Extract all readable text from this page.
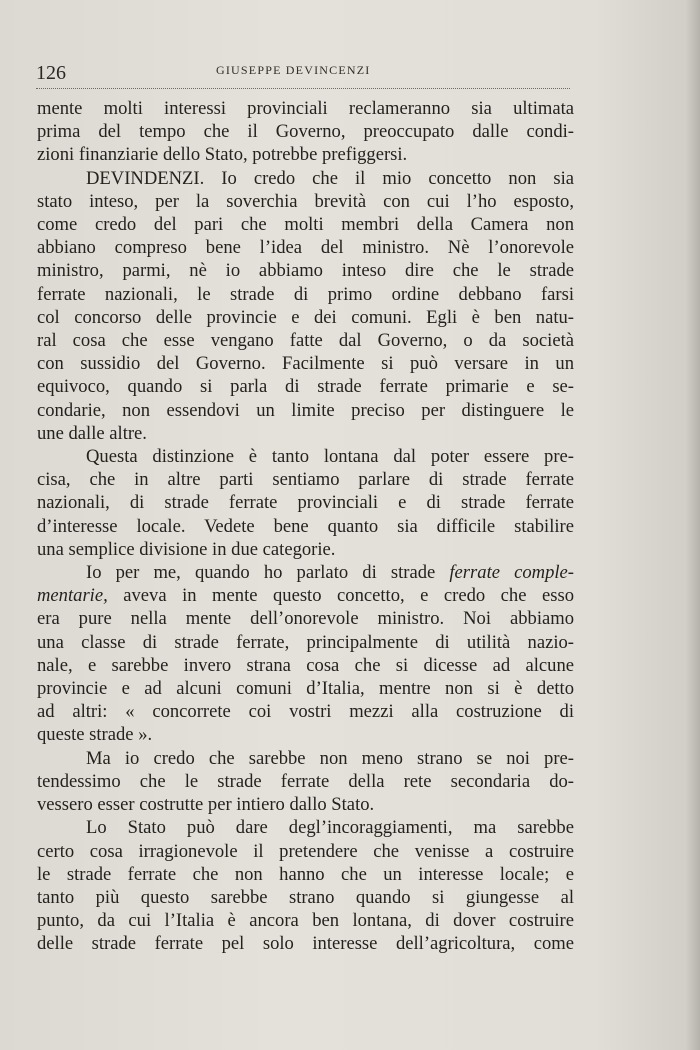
126	GIUSEPPE DEVINCENZI
mente molti interessi provinciali reclameranno sia ultimata
prima del tempo che il Governo, preoccupato dalle condi-
zioni finanziarie dello Stato, potrebbe prefiggersi.
DEVINDENZI. Io credo che il mio concetto non sia
stato inteso, per la soverchia brevità con cui l’ho esposto,
come credo del pari che molti membri della Camera non
abbiano compreso bene l’idea del ministro. Nè l’onorevole
ministro, parmi, nè io abbiamo inteso dire che le strade
ferrate nazionali, le strade di primo ordine debbano farsi
col concorso delle provincie e dei comuni. Egli è ben natu-
ral cosa che esse vengano fatte dal Governo, o da società
con sussidio del Governo. Facilmente si può versare in un
equivoco, quando si parla di strade ferrate primarie e se-
condarie, non essendovi un limite preciso per distinguere le
une dalle altre.
Questa distinzione è tanto lontana dal poter essere pre-
cisa, che in altre parti sentiamo parlare di strade ferrate
nazionali, di strade ferrate provinciali e di strade ferrate
d’interesse locale. Vedete bene quanto sia difficile stabilire
una semplice divisione in due categorie.
Io per me, quando ho parlato di strade ferrate comple-
mentarie, aveva in mente questo concetto, e credo che esso
era pure nella mente dell’onorevole ministro. Noi abbiamo
una classe di strade ferrate, principalmente di utilità nazio-
nale, e sarebbe invero strana cosa che si dicesse ad alcune
provincie e ad alcuni comuni d’Italia, mentre non si è detto
ad altri: « concorrete coi vostri mezzi alla costruzione di
queste strade ».
Ma io credo che sarebbe non meno strano se noi pre-
tendessimo che le strade ferrate della rete secondaria do-
vessero esser costrutte per intiero dallo Stato.
Lo Stato può dare degl’incoraggiamenti, ma sarebbe
certo cosa irragionevole il pretendere che venisse a costruire
le strade ferrate che non hanno che un interesse locale; e
tanto più questo sarebbe strano quando si giungesse al
punto, da cui l’Italia è ancora ben lontana, di dover costruire
delle strade ferrate pel solo interesse dell’agricoltura, come
